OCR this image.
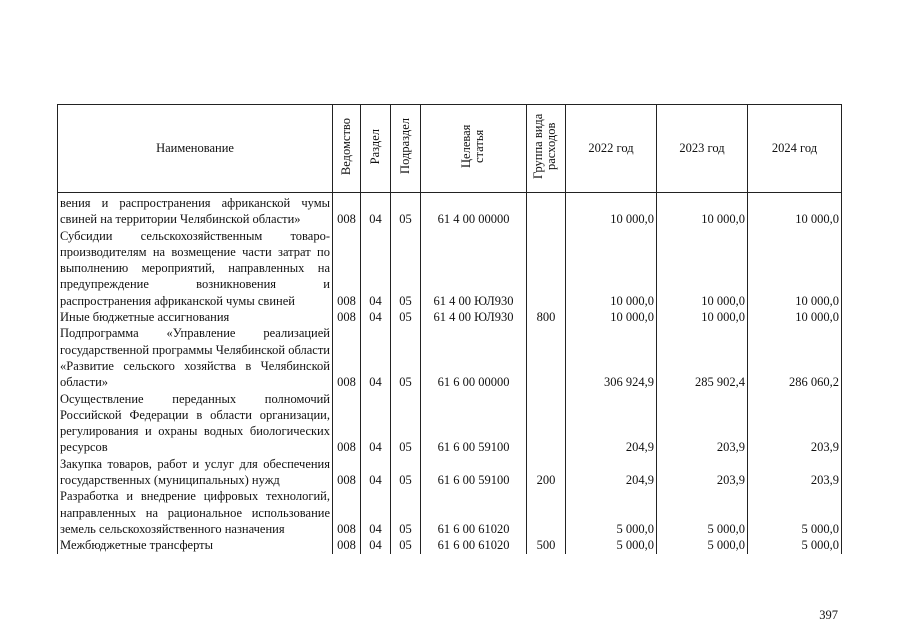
Наименование	Ведомство	Раздел	Подраздел	Целевая статья	Группа вида расходов	2022 год	2023 год	2024 год
вения и распространения африканской чумы свиней на территории Челябинской области»	008	04	05	61 4 00 00000		10 000,0	10 000,0	10 000,0
Субсидии сельскохозяйственным товаропроизводителям на возмещение части затрат по выполнению мероприятий, направленных на предупреждение возникновения и распространения африканской чумы свиней	008	04	05	61 4 00 ЮЛ930		10 000,0	10 000,0	10 000,0
Иные бюджетные ассигнования	008	04	05	61 4 00 ЮЛ930	800	10 000,0	10 000,0	10 000,0
Подпрограмма «Управление реализацией государственной программы Челябинской области «Развитие сельского хозяйства в Челябинской области»	008	04	05	61 6 00 00000		306 924,9	285 902,4	286 060,2
Осуществление переданных полномочий Российской Федерации в области организации, регулирования и охраны водных биологических ресурсов	008	04	05	61 6 00 59100		204,9	203,9	203,9
Закупка товаров, работ и услуг для обеспечения государственных (муниципальных) нужд	008	04	05	61 6 00 59100	200	204,9	203,9	203,9
Разработка и внедрение цифровых технологий, направленных на рациональное использование земель сельскохозяйственного назначения	008	04	05	61 6 00 61020		5 000,0	5 000,0	5 000,0
Межбюджетные трансферты	008	04	05	61 6 00 61020	500	5 000,0	5 000,0	5 000,0
397
